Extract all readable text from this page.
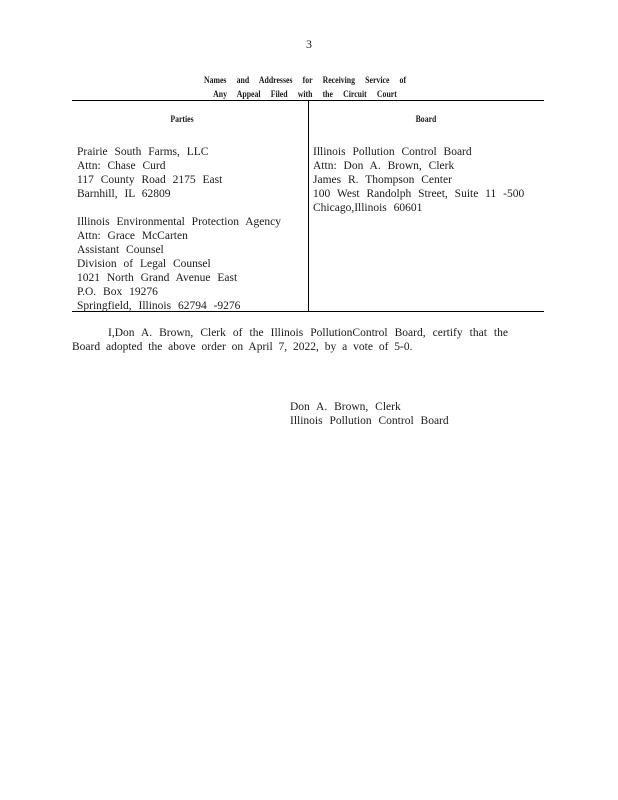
3
Names and Addresses for Receiving Service of
Any Appeal Filed with the Circuit Court
Parties	Board
Prairie South Farms, LLC
Attn: Chase Curd
117 County Road 2175 East
Barnhill, IL 62809
Illinois Environmental Protection Agency
Attn: Grace McCarten
Assistant Counsel
Division of Legal Counsel
1021 North Grand Avenue East
P.O. Box 19276
Springfield, Illinois 62794 -9276
Illinois Pollution Control Board
Attn: Don A. Brown, Clerk
James R. Thompson Center
100 West Randolph Street, Suite 11 -500
Chicago,Illinois 60601
I,Don A. Brown, Clerk of the Illinois PollutionControl Board, certify that the Board adopted the above order on April 7, 2022, by a vote of 5-0.
Don A. Brown, Clerk
Illinois Pollution Control Board
